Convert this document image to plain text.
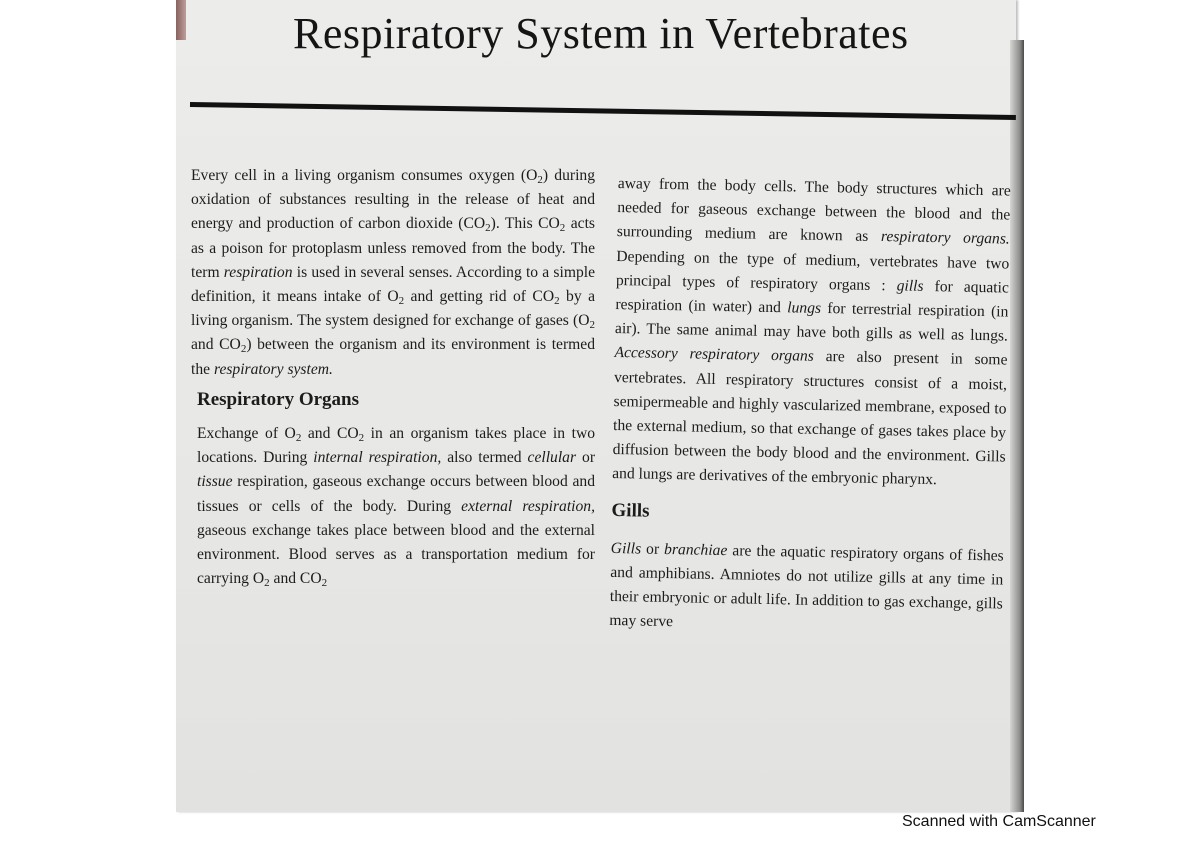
Respiratory System in Vertebrates

Every cell in a living organism consumes oxygen $(O_2)$ during oxidation of substances resulting in the release of heat and energy and production of carbon dioxide $(CO_2)$. This $CO_2$ acts as a poison for protoplasm unless removed from the body. The term respiration is used in several senses. According to a simple definition, it means intake of $O_2$ and getting rid of $CO_2$ by a living organism. The system designed for exchange of gases ($O_2$ and $CO_2$) between the organism and its environment is termed the respiratory system.

Respiratory Organs

Exchange of $O_2$ and $CO_2$ in an organism takes place in two locations. During internal respiration, also termed cellular or tissue respiration, gaseous exchange occurs between blood and tissues or cells of the body. During external respiration, gaseous exchange takes place between blood and the external environment. Blood serves as a transportation medium for carrying $O_2$ and $CO_2$

away from the body cells. The body structures which are needed for gaseous exchange between the blood and the surrounding medium are known as respiratory organs. Depending on the type of medium, vertebrates have two principal types of respiratory organs : gills for aquatic respiration (in water) and lungs for terrestrial respiration (in air). The same animal may have both gills as well as lungs. Accessory respiratory organs are also present in some vertebrates. All respiratory structures consist of a moist, semipermeable and highly vascularized membrane, exposed to the external medium, so that exchange of gases takes place by diffusion between the body blood and the environment. Gills and lungs are derivatives of the embryonic pharynx.

Gills

Gills or branchiae are the aquatic respiratory organs of fishes and amphibians. Amniotes do not utilize gills at any time in their embryonic or adult life. In addition to gas exchange, gills may serve

Scanned with CamScanner
